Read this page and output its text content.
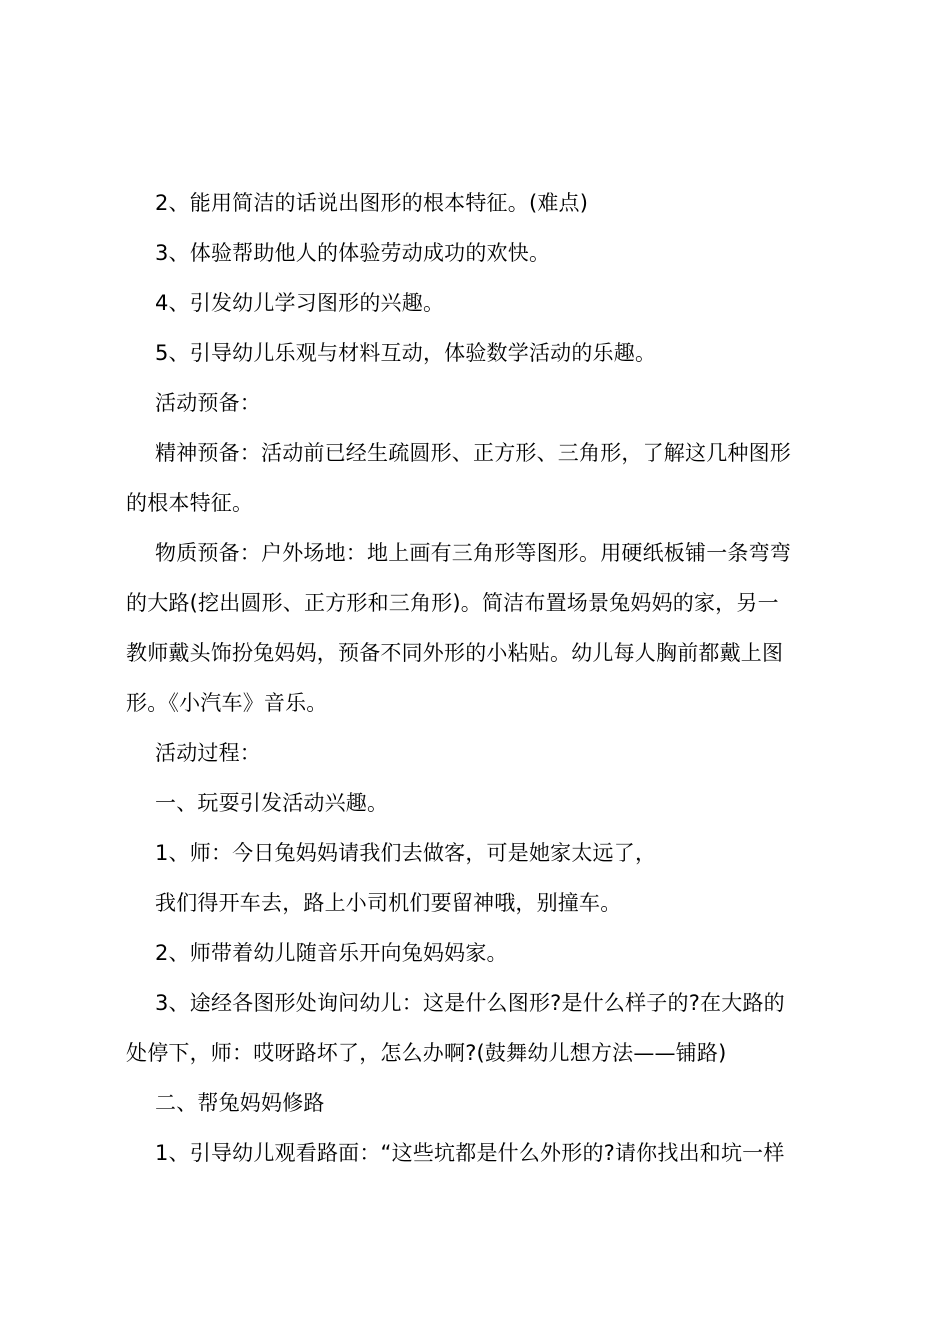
2、能用简洁的话说出图形的根本特征。(难点)
3、体验帮助他人的体验劳动成功的欢快。
4、引发幼儿学习图形的兴趣。
5、引导幼儿乐观与材料互动，体验数学活动的乐趣。
活动预备：
精神预备：活动前已经生疏圆形、正方形、三角形，了解这几种图形
的根本特征。
物质预备：户外场地：地上画有三角形等图形。用硬纸板铺一条弯弯
的大路(挖出圆形、正方形和三角形)。简洁布置场景兔妈妈的家，另一
教师戴头饰扮兔妈妈，预备不同外形的小粘贴。幼儿每人胸前都戴上图
形。《小汽车》音乐。
活动过程：
一、玩耍引发活动兴趣。
1、师：今日兔妈妈请我们去做客，可是她家太远了，
我们得开车去，路上小司机们要留神哦，别撞车。
2、师带着幼儿随音乐开向兔妈妈家。
3、途经各图形处询问幼儿：这是什么图形?是什么样子的?在大路的
处停下，师：哎呀路坏了，怎么办啊?(鼓舞幼儿想方法——铺路)
二、帮兔妈妈修路
1、引导幼儿观看路面：“这些坑都是什么外形的?请你找出和坑一样
